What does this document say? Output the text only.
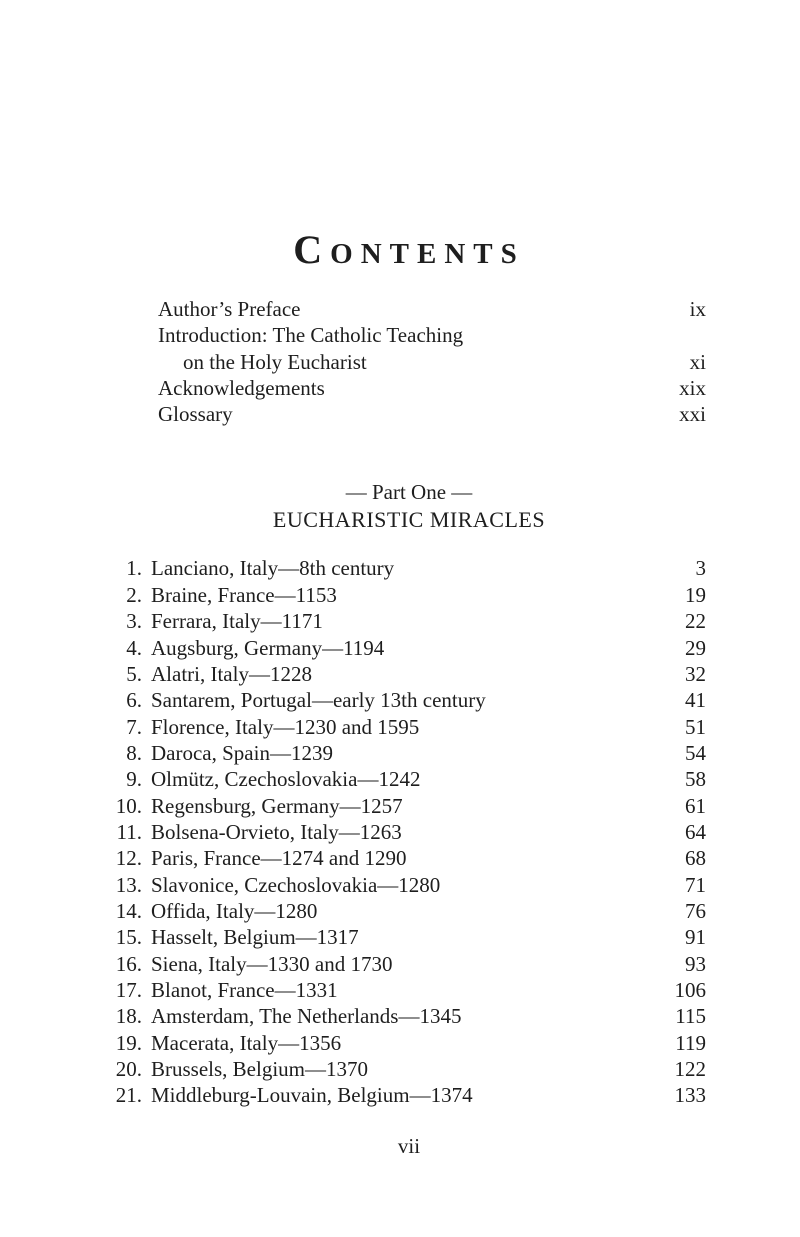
CONTENTS
Author’s Preface	ix
Introduction: The Catholic Teaching
on the Holy Eucharist	xi
Acknowledgements	xix
Glossary	xxi
— Part One —
EUCHARISTIC MIRACLES
1. Lanciano, Italy—8th century	3
2. Braine, France—1153	19
3. Ferrara, Italy—1171	22
4. Augsburg, Germany—1194	29
5. Alatri, Italy—1228	32
6. Santarem, Portugal—early 13th century	41
7. Florence, Italy—1230 and 1595	51
8. Daroca, Spain—1239	54
9. Olmütz, Czechoslovakia—1242	58
10. Regensburg, Germany—1257	61
11. Bolsena-Orvieto, Italy—1263	64
12. Paris, France—1274 and 1290	68
13. Slavonice, Czechoslovakia—1280	71
14. Offida, Italy—1280	76
15. Hasselt, Belgium—1317	91
16. Siena, Italy—1330 and 1730	93
17. Blanot, France—1331	106
18. Amsterdam, The Netherlands—1345	115
19. Macerata, Italy—1356	119
20. Brussels, Belgium—1370	122
21. Middleburg-Louvain, Belgium—1374	133
vii
